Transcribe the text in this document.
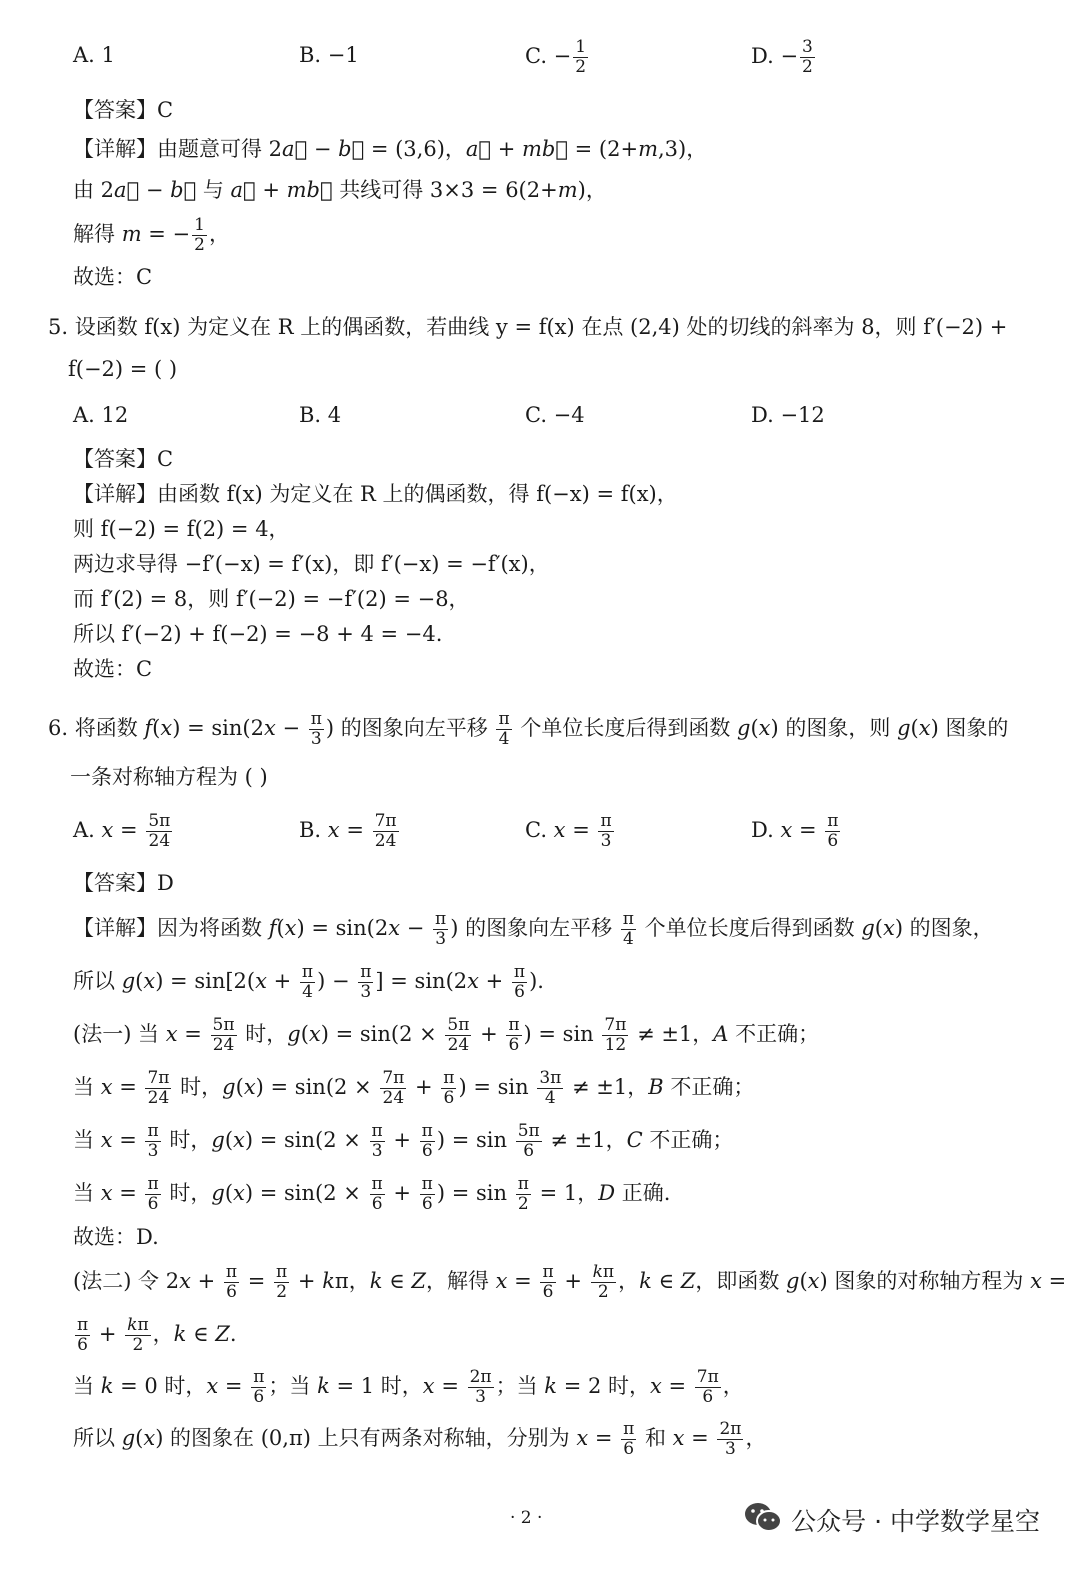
A. 1	B. −1	C. − $\frac{1}{2}$	D. − $\frac{3}{2}$
【答案】C
【详解】由题意可得 2a⃗ − b⃗ = (3,6)，a⃗ + mb⃗ = (2+m,3)，
由 2a⃗ − b⃗ 与 a⃗ + mb⃗ 共线可得 3×3 = 6(2+m)，
解得 m = − $\frac{1}{2}$ ，
故选：C
5. 设函数 f(x) 为定义在 R 上的偶函数，若曲线 y = f(x) 在点 (2,4) 处的切线的斜率为 8，则 f′(−2) +
f(−2) = ( )
A. 12	B. 4	C. −4	D. −12
【答案】C
【详解】由函数 f(x) 为定义在 R 上的偶函数，得 f(−x) = f(x)，
则 f(−2) = f(2) = 4，
两边求导得 −f′(−x) = f′(x)，即 f′(−x) = −f′(x)，
而 f′(2) = 8，则 f′(−2) = −f′(2) = −8，
所以 f′(−2) + f(−2) = −8 + 4 = −4.
故选：C
6. 将函数 $f(x) = \sin(2x - \frac{\pi}{3}$ ) 的图象向左平移 $\frac{\pi}{4}$ 个单位长度后得到函数 g(x) 的图象，则 g(x) 图象的
一条对称轴方程为 ( )
A. $x = \frac{5\pi}{24}$	B. $x = \frac{7\pi}{24}$	C. $x = \frac{\pi}{3}$	D. $x = \frac{\pi}{6}$
【答案】D
【详解】因为将函数 $f(x) = \sin(2x - \frac{\pi}{3}$ ) 的图象向左平移 $\frac{\pi}{4}$ 个单位长度后得到函数 g(x) 的图象，
所以 $g(x) = \sin[2(x + \frac{\pi}{4}$ ) − $\frac{\pi}{3}$ ] = $\sin(2x + \frac{\pi}{6}$ ).
(法一) 当 $x = \frac{5\pi}{24}$ 时，$g(x) = \sin(2 \times \frac{5\pi}{24} + \frac{\pi}{6}$ ) = $\sin \frac{7\pi}{12} \ne \pm 1$，A 不正确；
当 $x = \frac{7\pi}{24}$ 时，$g(x) = \sin(2 \times \frac{7\pi}{24} + \frac{\pi}{6}$ ) = $\sin \frac{3\pi}{4} \ne \pm 1$，B 不正确；
当 $x = \frac{\pi}{3}$ 时，$g(x) = \sin(2 \times \frac{\pi}{3} + \frac{\pi}{6}$ ) = $\sin \frac{5\pi}{6} \ne \pm 1$，C 不正确；
当 $x = \frac{\pi}{6}$ 时，$g(x) = \sin(2 \times \frac{\pi}{6} + \frac{\pi}{6}$ ) = $\sin \frac{\pi}{2} = 1$，D 正确.
故选：D.
(法二) 令 $2x + \frac{\pi}{6} = \frac{\pi}{2} + k\pi$，k ∈ Z，解得 $x = \frac{\pi}{6} + \frac{k\pi}{2}$ ，k ∈ Z，即函数 g(x) 图象的对称轴方程为 x =
$\frac{\pi}{6} + \frac{k\pi}{2}$ ，k ∈ Z.
当 k = 0 时，$x = \frac{\pi}{6}$ ；当 k = 1 时，$x = \frac{2\pi}{3}$ ；当 k = 2 时，$x = \frac{7\pi}{6}$ ，
所以 g(x) 的图象在 (0,π) 上只有两条对称轴，分别为 $x = \frac{\pi}{6}$ 和 $x = \frac{2\pi}{3}$ ，
· 2 ·	公众号 · 中学数学星空
